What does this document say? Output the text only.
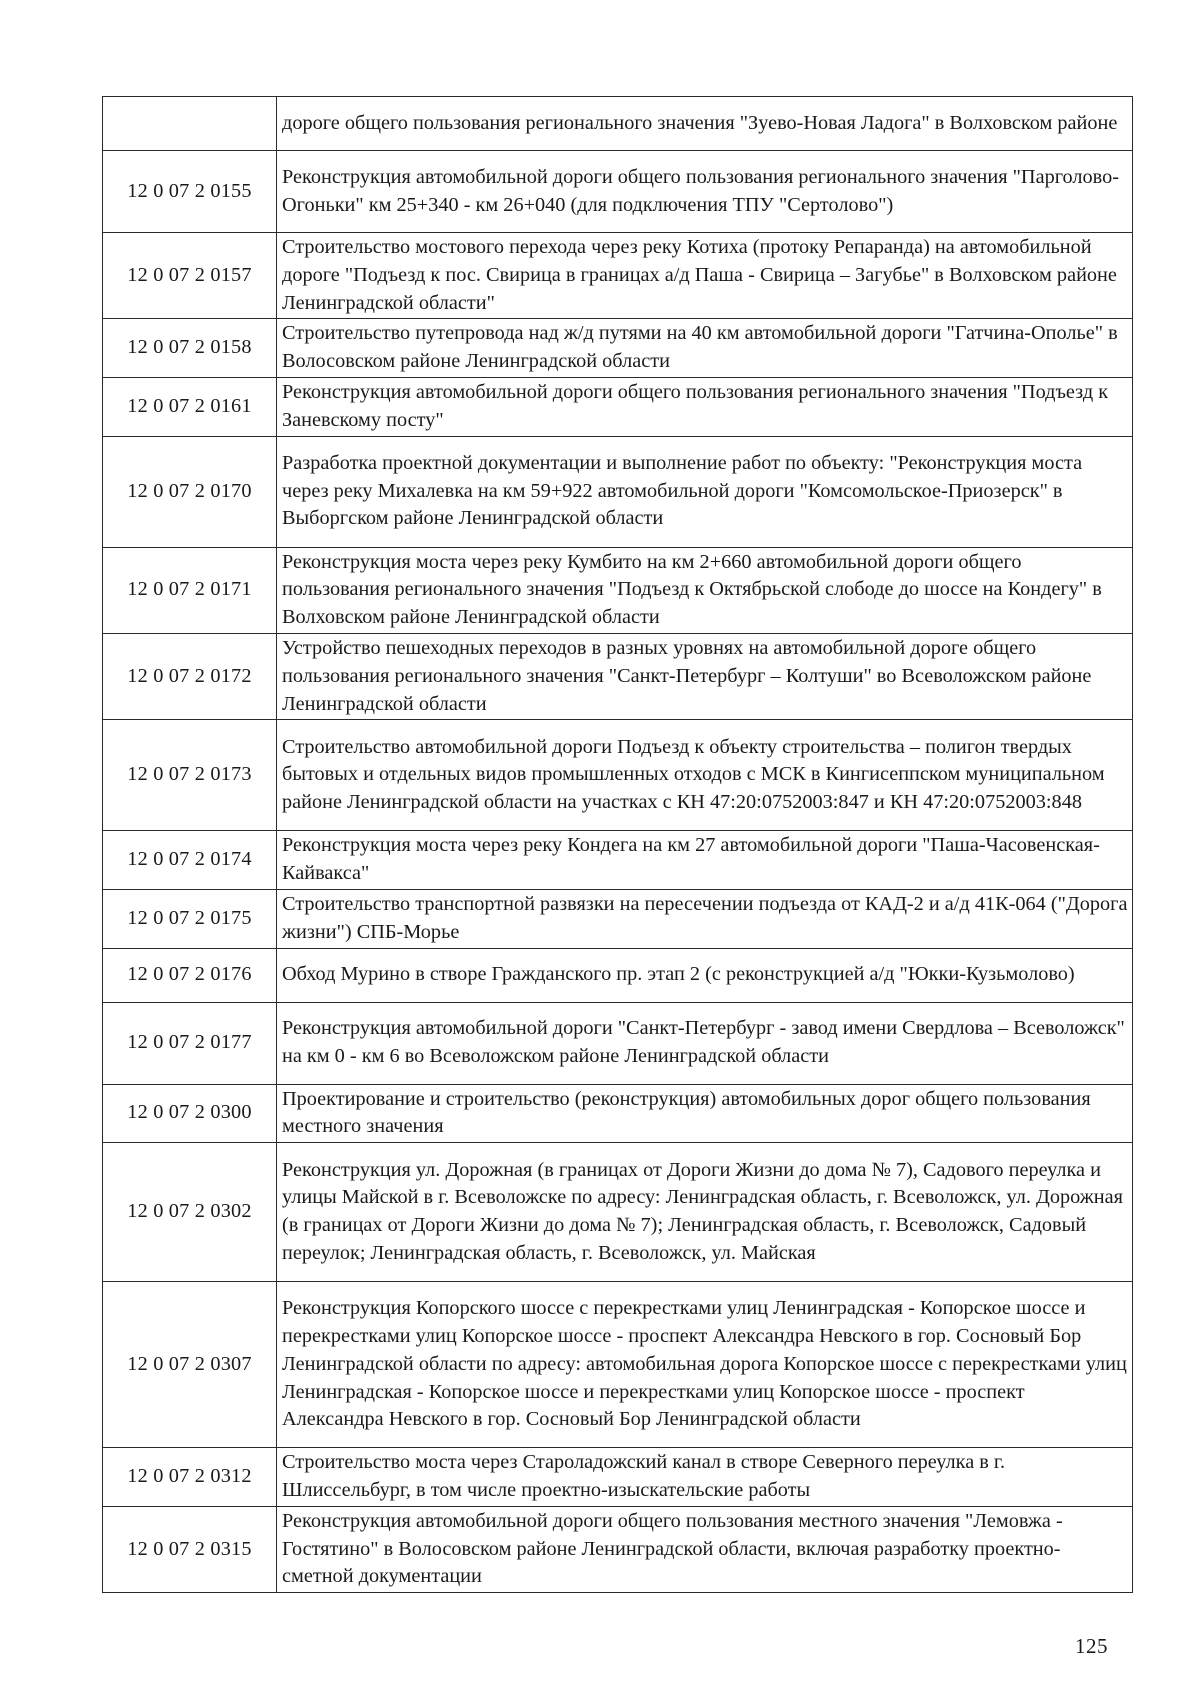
	дороге общего пользования регионального значения "Зуево-Новая Ладога" в Волховском районе
12 0 07 2 0155	Реконструкция автомобильной дороги общего пользования регионального значения "Парголово-Огоньки" км 25+340 - км 26+040 (для подключения ТПУ "Сертолово")
12 0 07 2 0157	Строительство мостового перехода через реку Котиха (протоку Репаранда) на автомобильной дороге "Подъезд к пос. Свирица в границах а/д Паша - Свирица – Загубье" в Волховском районе Ленинградской области"
12 0 07 2 0158	Строительство путепровода над ж/д путями на 40 км автомобильной дороги "Гатчина-Ополье" в Волосовском районе Ленинградской области
12 0 07 2 0161	Реконструкция автомобильной дороги общего пользования регионального значения "Подъезд к Заневскому посту"
12 0 07 2 0170	Разработка проектной документации и выполнение работ по объекту: "Реконструкция моста через реку Михалевка на км 59+922 автомобильной дороги "Комсомольское-Приозерск" в Выборгском районе Ленинградской области
12 0 07 2 0171	Реконструкция моста через реку Кумбито на км 2+660 автомобильной дороги общего пользования регионального значения "Подъезд к Октябрьской слободе до шоссе на Кондегу" в Волховском районе Ленинградской области
12 0 07 2 0172	Устройство пешеходных переходов в разных уровнях на автомобильной дороге общего пользования регионального значения "Санкт-Петербург – Колтуши" во Всеволожском районе Ленинградской области
12 0 07 2 0173	Строительство автомобильной дороги Подъезд к объекту строительства – полигон твердых бытовых и отдельных видов промышленных отходов с МСК в Кингисеппском муниципальном районе Ленинградской области на участках с КН 47:20:0752003:847 и КН 47:20:0752003:848
12 0 07 2 0174	Реконструкция моста через реку Кондега на км 27 автомобильной дороги "Паша-Часовенская-Кайвакса"
12 0 07 2 0175	Строительство транспортной развязки на пересечении подъезда от КАД-2 и а/д 41К-064 ("Дорога жизни") СПБ-Морье
12 0 07 2 0176	Обход Мурино в створе Гражданского пр. этап 2 (с реконструкцией а/д "Юкки-Кузьмолово)
12 0 07 2 0177	Реконструкция автомобильной дороги "Санкт-Петербург - завод имени Свердлова – Всеволожск" на км 0 - км 6 во Всеволожском районе Ленинградской области
12 0 07 2 0300	Проектирование и строительство (реконструкция) автомобильных дорог общего пользования местного значения
12 0 07 2 0302	Реконструкция ул. Дорожная (в границах от Дороги Жизни до дома № 7), Садового переулка и улицы Майской в г. Всеволожске по адресу: Ленинградская область, г. Всеволожск, ул. Дорожная (в границах от Дороги Жизни до дома № 7); Ленинградская область, г. Всеволожск, Садовый переулок; Ленинградская область, г. Всеволожск, ул. Майская
12 0 07 2 0307	Реконструкция Копорского шоссе с перекрестками улиц Ленинградская - Копорское шоссе и перекрестками улиц Копорское шоссе - проспект Александра Невского в гор. Сосновый Бор Ленинградской области по адресу: автомобильная дорога Копорское шоссе с перекрестками улиц Ленинградская - Копорское шоссе и перекрестками улиц Копорское шоссе - проспект Александра Невского в гор. Сосновый Бор Ленинградской области
12 0 07 2 0312	Строительство моста через Староладожский канал в створе Северного переулка в г. Шлиссельбург, в том числе проектно-изыскательские работы
12 0 07 2 0315	Реконструкция автомобильной дороги общего пользования местного значения "Лемовжа - Гостятино" в Волосовском районе Ленинградской области, включая разработку проектно-сметной документации
125
